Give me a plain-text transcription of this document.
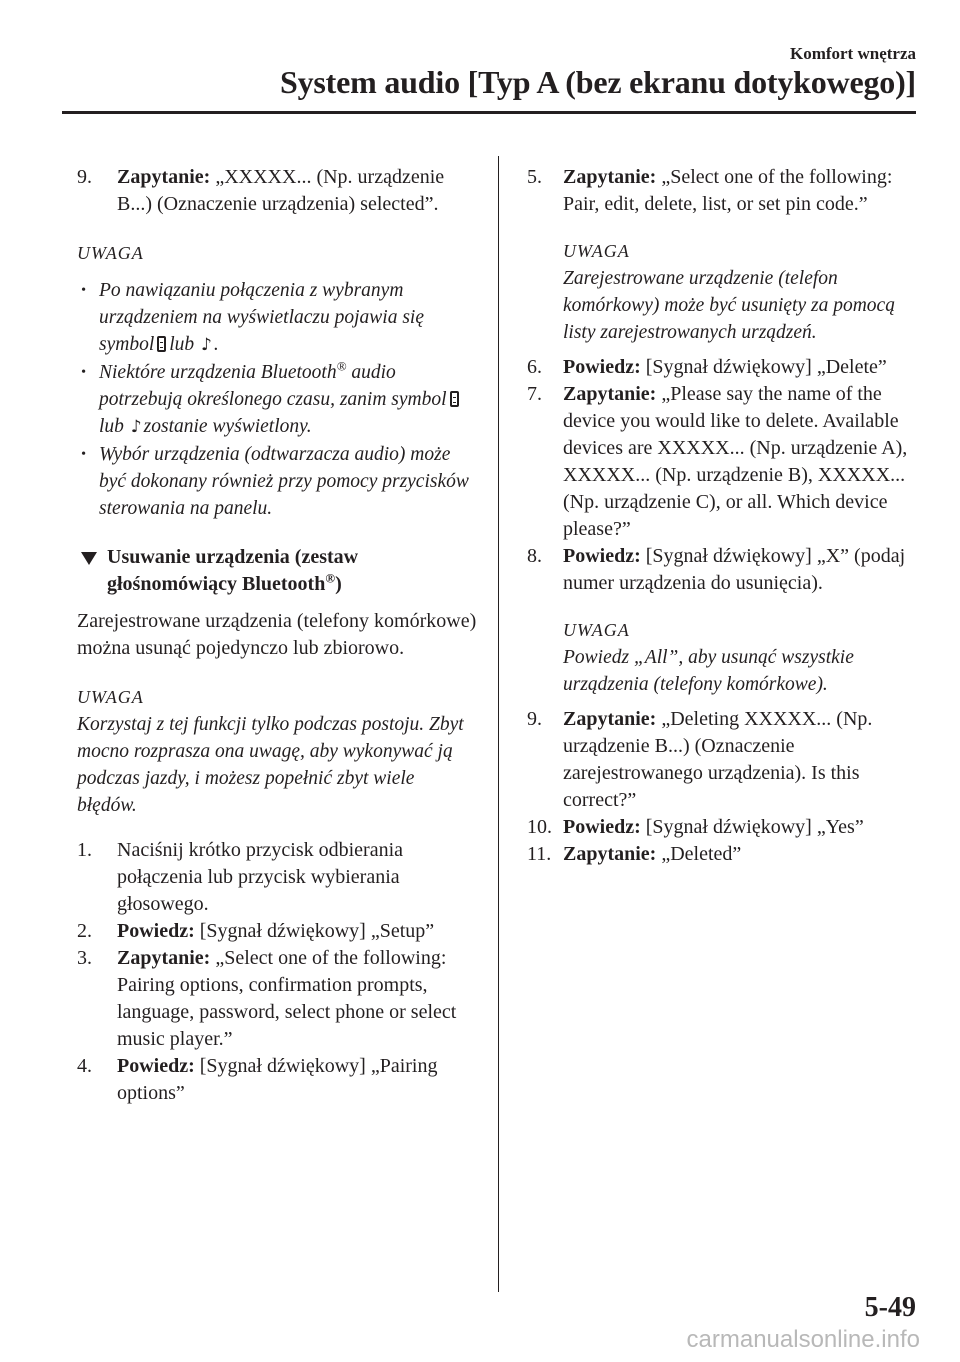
Komfort wnętrza
System audio [Typ A (bez ekranu dotykowego)]
9.	Zapytanie: „XXXXX... (Np. urządzenie B...) (Oznaczenie urządzenia) selected”.
UWAGA
• Po nawiązaniu połączenia z wybranym urządzeniem na wyświetlaczu pojawia się symbol lub ♪ .
• Niektóre urządzenia Bluetooth® audio potrzebują określonego czasu, zanim symbollub ♪ zostanie wyświetlony.
• Wybór urządzenia (odtwarzacza audio) może być dokonany również przy pomocy przycisków sterowania na panelu.
Usuwanie urządzenia (zestaw głośnomówiący Bluetooth®)
Zarejestrowane urządzenia (telefony komórkowe) można usunąć pojedynczo lub zbiorowo.
UWAGA
Korzystaj z tej funkcji tylko podczas postoju. Zbyt mocno rozprasza ona uwagę, aby wykonywać ją podczas jazdy, i możesz popełnić zbyt wiele błędów.
1.	Naciśnij krótko przycisk odbierania połączenia lub przycisk wybierania głosowego.
2.	Powiedz: [Sygnał dźwiękowy] „Setup”
3.	Zapytanie: „Select one of the following: Pairing options, confirmation prompts, language, password, select phone or select music player.”
4.	Powiedz: [Sygnał dźwiękowy] „Pairing options”
5.	Zapytanie: „Select one of the following: Pair, edit, delete, list, or set pin code.”
UWAGA
Zarejestrowane urządzenie (telefon komórkowy) może być usunięty za pomocą listy zarejestrowanych urządzeń.
6.	Powiedz: [Sygnał dźwiękowy] „Delete”
7.	Zapytanie: „Please say the name of the device you would like to delete. Available devices are XXXXX... (Np. urządzenie A), XXXXX... (Np. urządzenie B), XXXXX... (Np. urządzenie C), or all. Which device please?”
8.	Powiedz: [Sygnał dźwiękowy] „X” (podaj numer urządzenia do usunięcia).
UWAGA
Powiedz „All”, aby usunąć wszystkie urządzenia (telefony komórkowe).
9.	Zapytanie: „Deleting XXXXX... (Np. urządzenie B...) (Oznaczenie zarejestrowanego urządzenia). Is this correct?”
10. Powiedz: [Sygnał dźwiękowy] „Yes”
11. Zapytanie: „Deleted”
5-49
carmanualsonline.info
